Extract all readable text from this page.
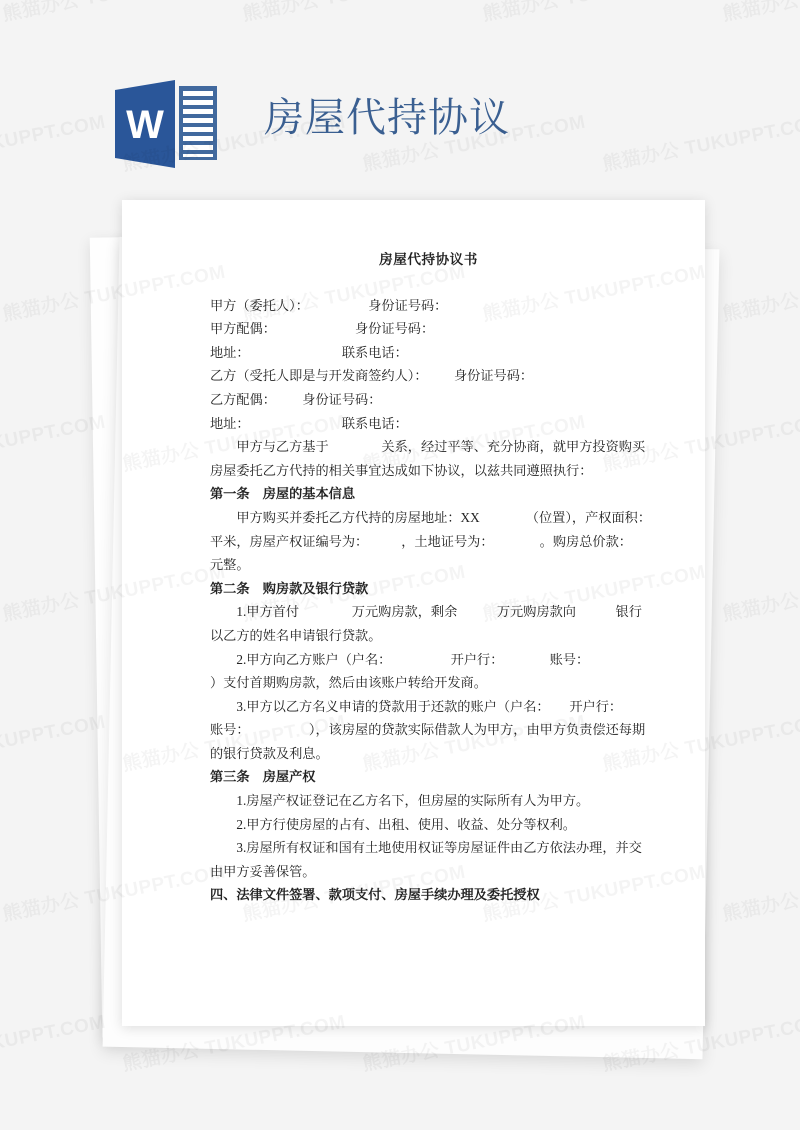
房屋代持协议书
甲方（委托人）：                  身份证号码：
甲方配偶：                        身份证号码：
地址：                            联系电话：
乙方（受托人即是与开发商签约人）：        身份证号码：
乙方配偶：        身份证号码：
地址：                            联系电话：
　　甲方与乙方基于　　　　关系，经过平等、充分协商，就甲方投资购买房屋委托乙方代持的相关事宜达成如下协议，以兹共同遵照执行：
第一条　房屋的基本信息
　　甲方购买并委托乙方代持的房屋地址：XX　　　　（位置），产权面积：　　　　平米，房屋产权证编号为：　　　，土地证号为：　　　　。购房总价款：　　　　元整。
第二条　购房款及银行贷款
　　1.甲方首付　　　　万元购房款，剩余　　　万元购房款向　　　银行以乙方的姓名申请银行贷款。
　　2.甲方向乙方账户（户名：　　　　　开户行：　　　　账号：　　　　　　　　）支付首期购房款，然后由该账户转给开发商。
　　3.甲方以乙方名义申请的贷款用于还款的账户（户名：　　开户行：　　　　账号：　　　　　），该房屋的贷款实际借款人为甲方，由甲方负责偿还每期的银行贷款及利息。
第三条　房屋产权
　　1.房屋产权证登记在乙方名下，但房屋的实际所有人为甲方。
　　2.甲方行使房屋的占有、出租、使用、收益、处分等权利。
　　3.房屋所有权证和国有土地使用权证等房屋证件由乙方依法办理，并交由甲方妥善保管。
四、法律文件签署、款项支付、房屋手续办理及委托授权
W	房屋代持协议
